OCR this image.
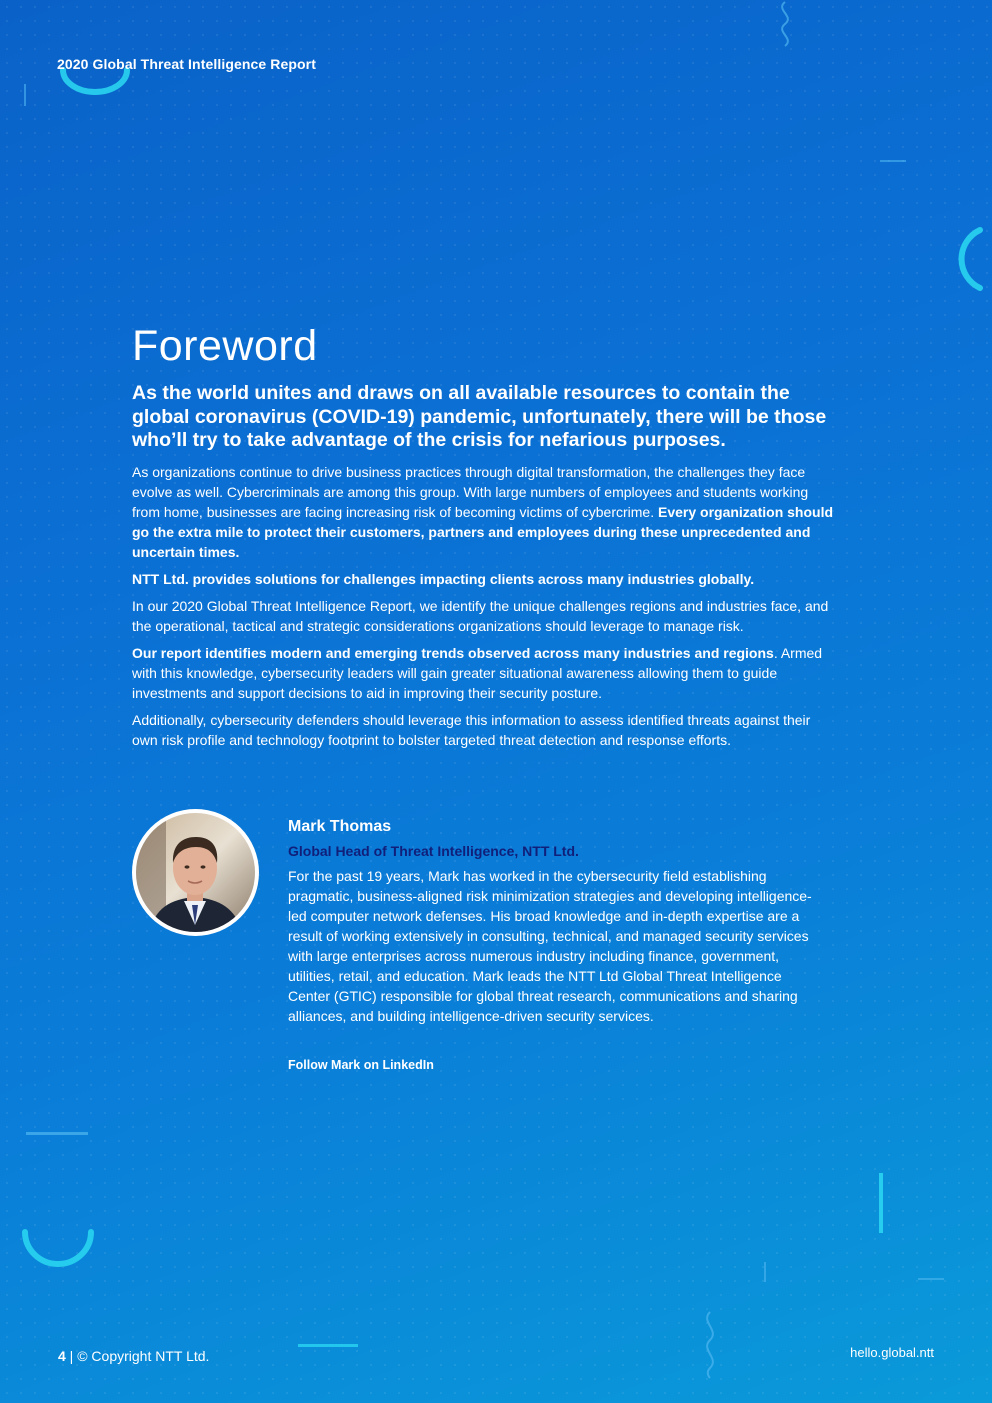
2020 Global Threat Intelligence Report
Foreword

As the world unites and draws on all available resources to contain the global coronavirus (COVID-19) pandemic, unfortunately, there will be those who’ll try to take advantage of the crisis for nefarious purposes.

As organizations continue to drive business practices through digital transformation, the challenges they face evolve as well. Cybercriminals are among this group. With large numbers of employees and students working from home, businesses are facing increasing risk of becoming victims of cybercrime. Every organization should go the extra mile to protect their customers, partners and employees during these unprecedented and uncertain times.

NTT Ltd. provides solutions for challenges impacting clients across many industries globally.

In our 2020 Global Threat Intelligence Report, we identify the unique challenges regions and industries face, and the operational, tactical and strategic considerations organizations should leverage to manage risk.

Our report identifies modern and emerging trends observed across many industries and regions. Armed with this knowledge, cybersecurity leaders will gain greater situational awareness allowing them to guide investments and support decisions to aid in improving their security posture.

Additionally, cybersecurity defenders should leverage this information to assess identified threats against their own risk profile and technology footprint to bolster targeted threat detection and response efforts.

Mark Thomas
Global Head of Threat Intelligence, NTT Ltd.

For the past 19 years, Mark has worked in the cybersecurity field establishing pragmatic, business-aligned risk minimization strategies and developing intelligence-led computer network defenses. His broad knowledge and in-depth expertise are a result of working extensively in consulting, technical, and managed security services with large enterprises across numerous industry including finance, government, utilities, retail, and education. Mark leads the NTT Ltd Global Threat Intelligence Center (GTIC) responsible for global threat research, communications and sharing alliances, and building intelligence-driven security services.

Follow Mark on LinkedIn
4 | © Copyright NTT Ltd.	hello.global.ntt
